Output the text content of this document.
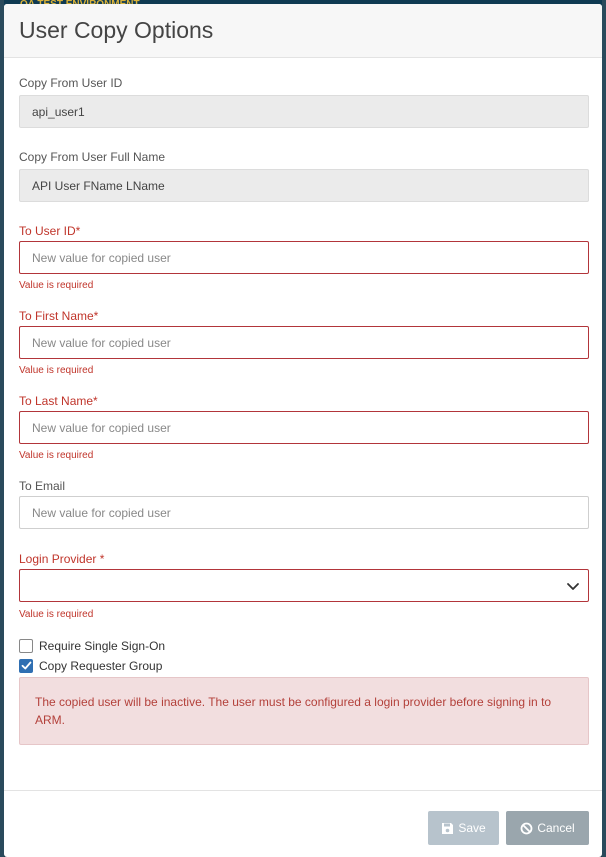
User Copy Options
Copy From User ID
api_user1
Copy From User Full Name
API User FName LName
To User ID*
New value for copied user
Value is required
To First Name*
New value for copied user
Value is required
To Last Name*
New value for copied user
Value is required
To Email
New value for copied user
Login Provider *
Value is required
Require Single Sign-On
Copy Requester Group
The copied user will be inactive. The user must be configured a login provider before signing in to ARM.
Save	Cancel
